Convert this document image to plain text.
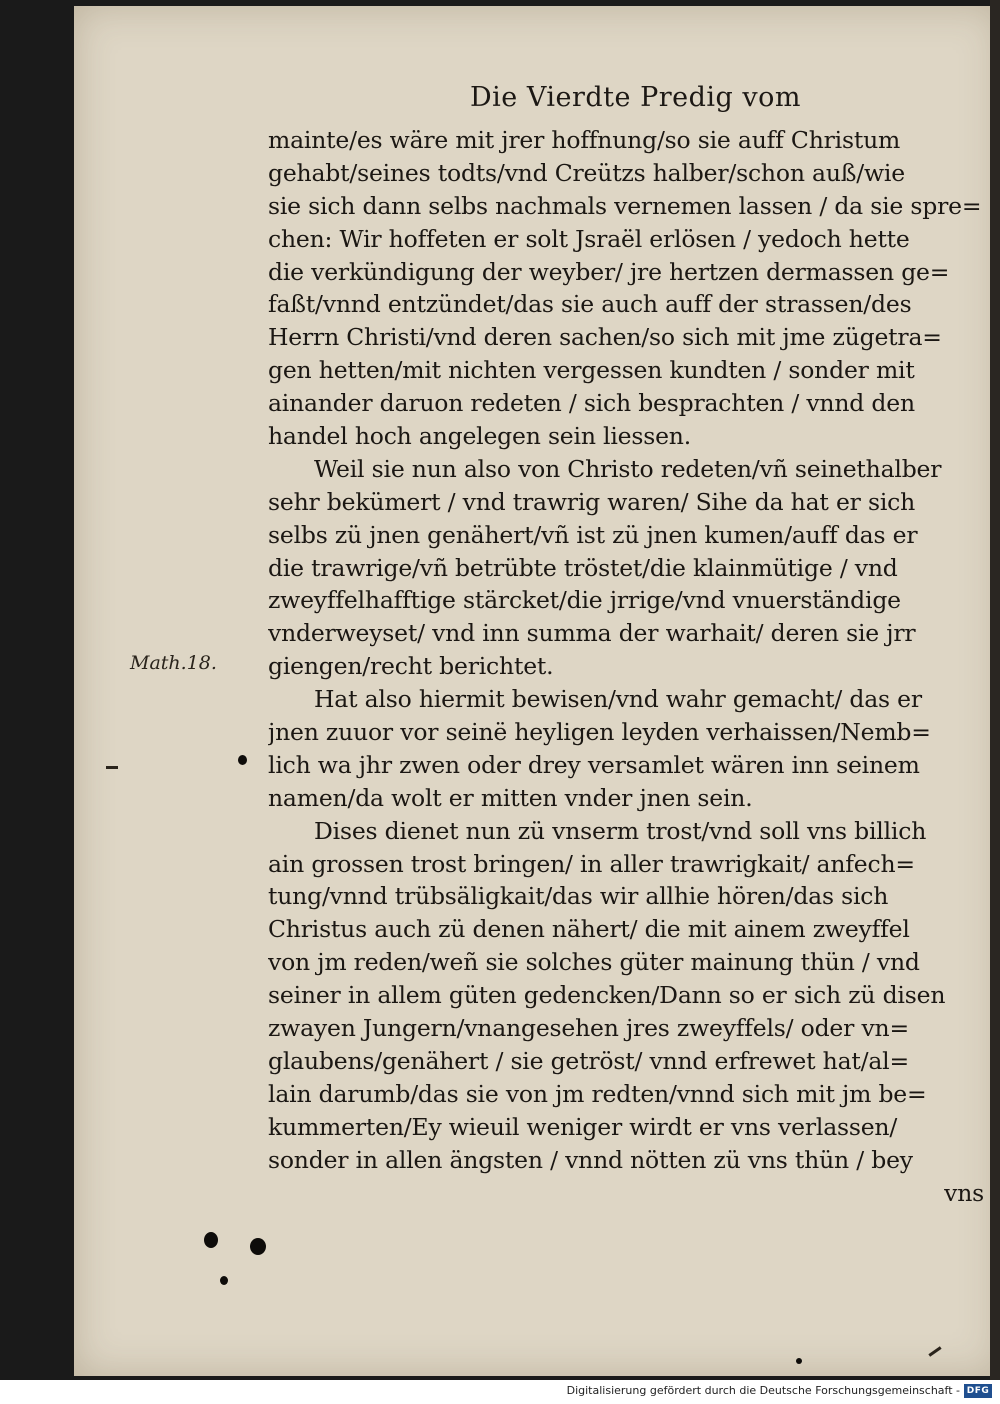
Die Vierdte Predig vom
Math.18.
mainte/es wäre mit jrer hoffnung/so sie auff Christum
gehabt/seines todts/vnd Creützs halber/schon auß/wie
sie sich dann selbs nachmals vernemen lassen / da sie spre=
chen: Wir hoffeten er solt Jsraël erlösen / yedoch hette
die verkündigung der weyber/ jre hertzen dermassen ge=
faßt/vnnd entzündet/das sie auch auff der strassen/des
Herrn Christi/vnd deren sachen/so sich mit jme zügetra=
gen hetten/mit nichten vergessen kundten / sonder mit
ainander daruon redeten / sich besprachten / vnnd den
handel hoch angelegen sein liessen.
Weil sie nun also von Christo redeten/vñ seinethalber
sehr bekümert / vnd trawrig waren/ Sihe da hat er sich
selbs zü jnen genähert/vñ ist zü jnen kumen/auff das er
die trawrige/vñ betrübte tröstet/die klainmütige / vnd
zweyffelhafftige stärcket/die jrrige/vnd vnuerständige
vnderweyset/ vnd inn summa der warhait/ deren sie jrr
giengen/recht berichtet.
Hat also hiermit bewisen/vnd wahr gemacht/ das er
jnen zuuor vor seinë heyligen leyden verhaissen/Nemb=
lich wa jhr zwen oder drey versamlet wären inn seinem
namen/da wolt er mitten vnder jnen sein.
Dises dienet nun zü vnserm trost/vnd soll vns billich
ain grossen trost bringen/ in aller trawrigkait/ anfech=
tung/vnnd trübsäligkait/das wir allhie hören/das sich
Christus auch zü denen nähert/ die mit ainem zweyffel
von jm reden/weñ sie solches güter mainung thün / vnd
seiner in allem güten gedencken/Dann so er sich zü disen
zwayen Jungern/vnangesehen jres zweyffels/ oder vn=
glaubens/genähert / sie getröst/ vnnd erfrewet hat/al=
lain darumb/das sie von jm redten/vnnd sich mit jm be=
kummerten/Ey wieuil weniger wirdt er vns verlassen/
sonder in allen ängsten / vnnd nötten zü vns thün / bey
vns
Digitalisierung gefördert durch die Deutsche Forschungsgemeinschaft - DFG
